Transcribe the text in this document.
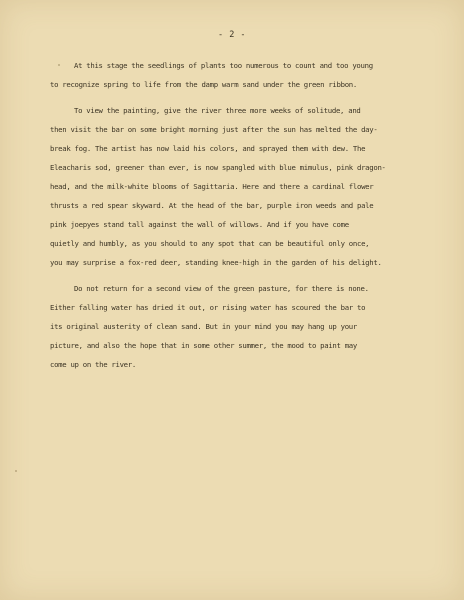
- 2 -
At this stage the seedlings of plants too numerous to count and too young
to recognize spring to life from the damp warm sand under the green ribbon.
To view the painting, give the river three more weeks of solitude, and
then visit the bar on some bright morning just after the sun has melted the day-
break fog. The artist has now laid his colors, and sprayed them with dew. The
Eleacharis sod, greener than ever, is now spangled with blue mimulus, pink dragon-
head, and the milk-white blooms of Sagittaria. Here and there a cardinal flower
thrusts a red spear skyward. At the head of the bar, purple iron weeds and pale
pink joepyes stand tall against the wall of willows. And if you have come
quietly and humbly, as you should to any spot that can be beautiful only once,
you may surprise a fox-red deer, standing knee-high in the garden of his delight.
Do not return for a second view of the green pasture, for there is none.
Either falling water has dried it out, or rising water has scoured the bar to
its original austerity of clean sand. But in your mind you may hang up your
picture, and also the hope that in some other summer, the mood to paint may
come up on the river.
